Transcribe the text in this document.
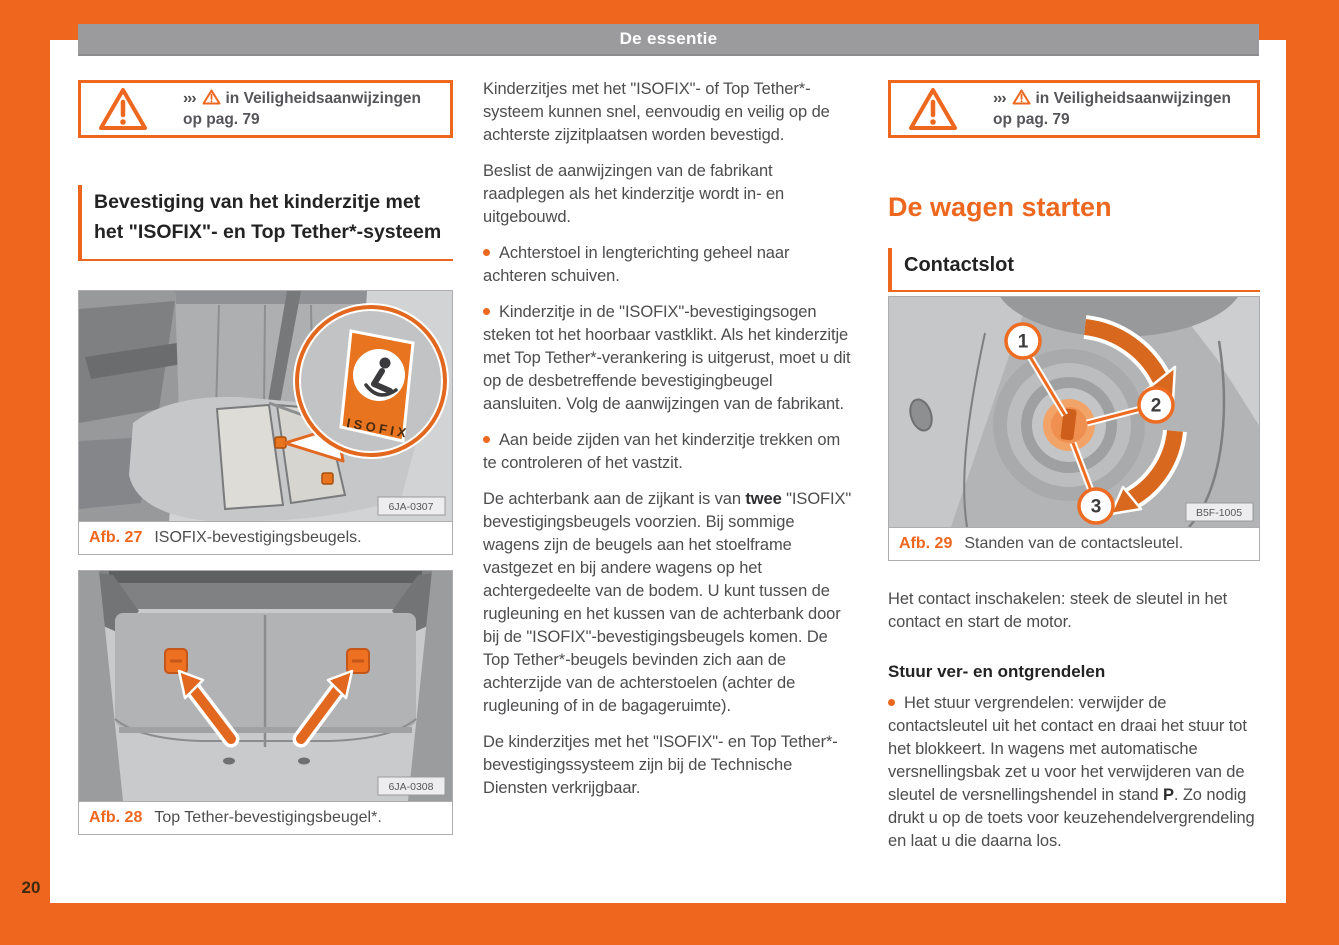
De essentie
20
››› in Veiligheidsaanwijzingen op pag. 79
Bevestiging van het kinderzitje met het "ISOFIX"- en Top Tether*-systeem
ISOFIX
6JA-0307
Afb. 27 ISOFIX-bevestigingsbeugels.
6JA-0308
Afb. 28 Top Tether-bevestigingsbeugel*.

Kinderzitjes met het "ISOFIX"- of Top Tether*-systeem kunnen snel, eenvoudig en veilig op de achterste zijzitplaatsen worden bevestigd.

Beslist de aanwijzingen van de fabrikant raadplegen als het kinderzitje wordt in- en uitgebouwd.

Achterstoel in lengterichting geheel naar achteren schuiven.

Kinderzitje in de "ISOFIX"-bevestigingsogen steken tot het hoorbaar vastklikt. Als het kinderzitje met Top Tether*-verankering is uitgerust, moet u dit op de desbetreffende bevestigingbeugel aansluiten. Volg de aanwijzingen van de fabrikant.

Aan beide zijden van het kinderzitje trekken om te controleren of het vastzit.

De achterbank aan de zijkant is van twee "ISOFIX" bevestigingsbeugels voorzien. Bij sommige wagens zijn de beugels aan het stoelframe vastgezet en bij andere wagens op het achtergedeelte van de bodem. U kunt tussen de rugleuning en het kussen van de achterbank door bij de "ISOFIX"-bevestigingsbeugels komen. De Top Tether*-beugels bevinden zich aan de achterzijde van de achterstoelen (achter de rugleuning of in de bagageruimte).

De kinderzitjes met het "ISOFIX"- en Top Tether*-bevestigingssysteem zijn bij de Technische Diensten verkrijgbaar.

››› in Veiligheidsaanwijzingen op pag. 79
De wagen starten
Contactslot
1
2
3	B5F-1005
Afb. 29 Standen van de contactsleutel.

Het contact inschakelen: steek de sleutel in het contact en start de motor.

Stuur ver- en ontgrendelen

Het stuur vergrendelen: verwijder de contactsleutel uit het contact en draai het stuur tot het blokkeert. In wagens met automatische versnellingsbak zet u voor het verwijderen van de sleutel de versnellingshendel in stand P. Zo nodig drukt u op de toets voor keuzehendelvergrendeling en laat u die daarna los.
